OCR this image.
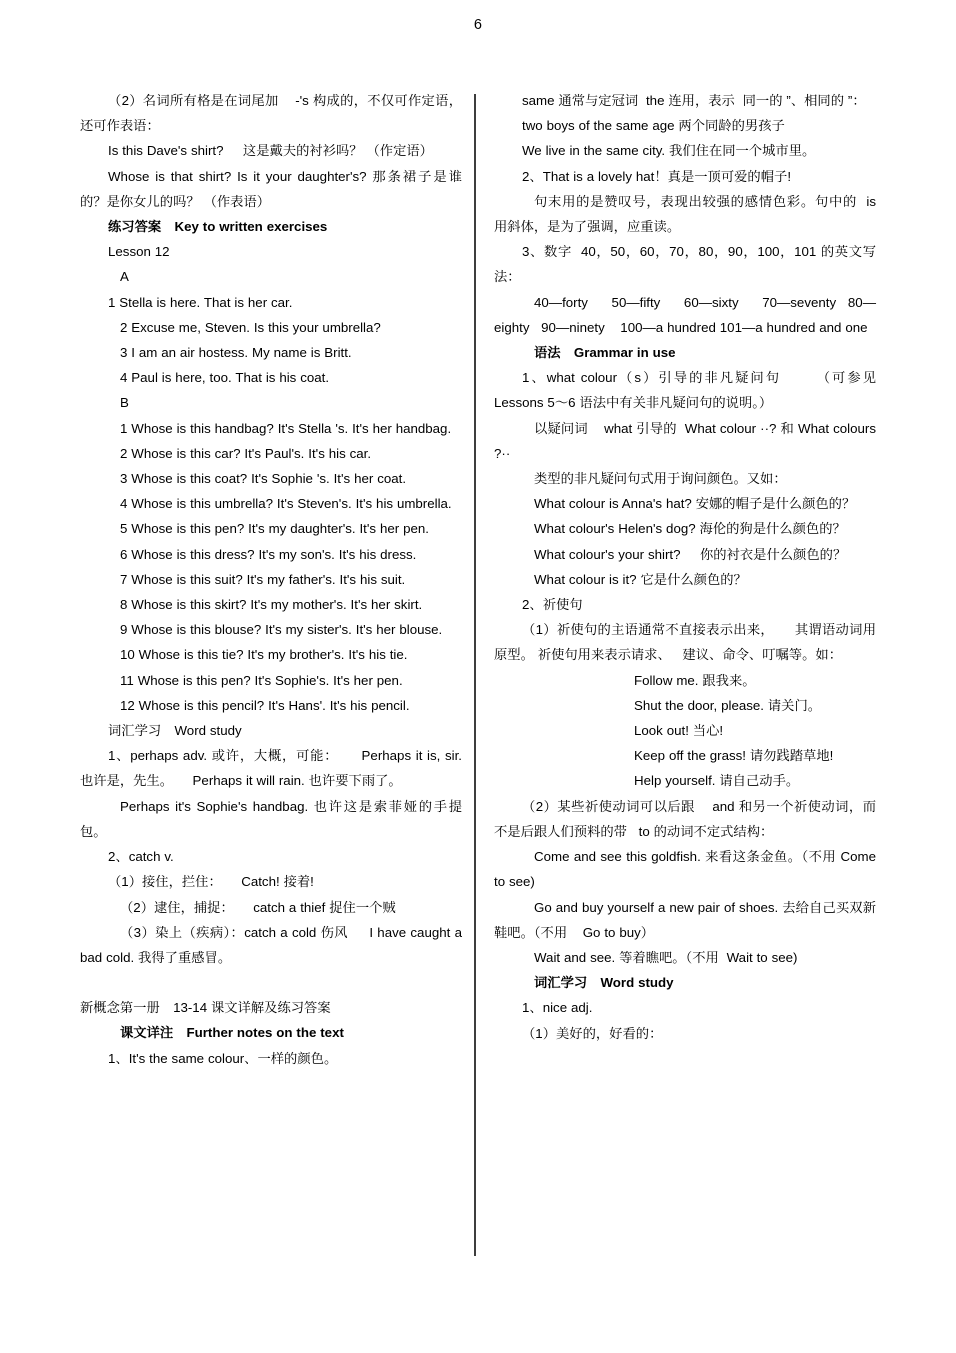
6

（2）名词所有格是在词尾加    -'s 构成的，不仅可作定语，还可作表语：

Is this Dave's shirt?     这是戴夫的衬衫吗？ （作定语）

Whose is that shirt? Is it your daughter's? 那条裙子是谁的？是你女儿的吗？ （作表语）

练习答案　Key to written exercises

Lesson 12

A

1 Stella is here. That is her car.

2 Excuse me, Steven. Is this your umbrella?

3 I am an air hostess. My name is Britt.

4 Paul is here, too. That is his coat.

B

1 Whose is this handbag? It's Stella 's. It's her handbag.

2 Whose is this car? It's Paul's. It's his car.

3 Whose is this coat? It's Sophie 's. It's her coat.

4 Whose is this umbrella? It's Steven's. It's his umbrella.

5 Whose is this pen? It's my daughter's. It's her pen.

6 Whose is this dress? It's my son's. It's his dress.

7 Whose is this suit? It's my father's. It's his suit.

8 Whose is this skirt? It's my mother's. It's her skirt.

9 Whose is this blouse? It's my sister's. It's her blouse.

10 Whose is this tie? It's my brother's. It's his tie.

11 Whose is this pen? It's Sophie's. It's her pen.

12 Whose is this pencil? It's Hans'. It's his pencil.

词汇学习　Word study

1、perhaps adv. 或许，大概，可能：     Perhaps it is, sir. 也许是，先生。     Perhaps it will rain. 也许要下雨了。

Perhaps it's Sophie's handbag. 也许这是索菲娅的手提包。

2、catch v.

（1）接住，拦住：     Catch! 接着!

（2）逮住，捕捉：     catch a thief 捉住一个贼

（3）染上（疾病）：catch a cold 伤风     I have caught a bad cold. 我得了重感冒。

新概念第一册　13-14 课文详解及练习答案

课文详注　Further notes on the text

1、It's the same colour、一样的颜色。

same 通常与定冠词  the 连用，表示  同一的 ”、相同的 ”：

two boys of the same age 两个同龄的男孩子

We live in the same city. 我们住在同一个城市里。

2、That is a lovely hat！真是一顶可爱的帽子!

句末用的是赞叹号，表现出较强的感情色彩。句中的  is  用斜体，是为了强调，应重读。

3、数字  40，50，60，70，80，90，100，101 的英文写法：

40—forty    50—fifty    60—sixty    70—seventy  80—eighty   90—ninety    100—a hundred 101—a hundred and one

语法　Grammar in use

1、what colour（s）引导的非凡疑问句      （可参见 Lessons 5～6 语法中有关非凡疑问句的说明。）

以疑问词    what 引导的  What colour ··? 和 What colours   ?··

类型的非凡疑问句式用于询问颜色。又如：

What colour is Anna's hat? 安娜的帽子是什么颜色的？

What colour's Helen's dog? 海伦的狗是什么颜色的？

What colour's your shirt?     你的衬衣是什么颜色的？

What colour is it? 它是什么颜色的？

2、祈使句

（1）祈使句的主语通常不直接表示出来，     其谓语动词用原型。 祈使句用来表示请求、   建议、命令、叮嘱等。如：

Follow me. 跟我来。

Shut the door, please. 请关门。

Look out! 当心!

Keep off the grass! 请勿践踏草地!

Help yourself. 请自己动手。

（2）某些祈使动词可以后跟    and 和另一个祈使动词，而不是后跟人们预料的带   to 的动词不定式结构：

Come and see this goldfish. 来看这条金鱼。（不用 Come to see)

Go and buy yourself a new pair of shoes. 去给自己买双新鞋吧。（不用    Go to buy）

Wait and see. 等着瞧吧。（不用  Wait to see)

词汇学习　Word study

1、nice adj.

（1）美好的，好看的：
